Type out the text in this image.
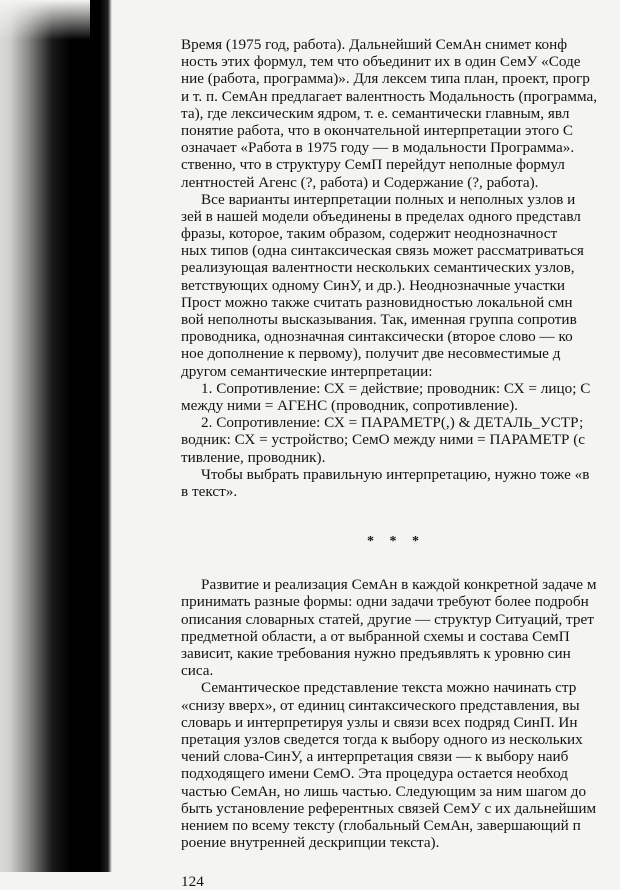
Время (1975 год, работа). Дальнейший СемАн снимет конф
ность этих формул, тем что объединит их в один СемУ «Соде
ние (работа, программа)». Для лексем типа план, проект, прогр
и т. п. СемАн предлагает валентность Модальность (программа,
та), где лексическим ядром, т. е. семантически главным, явл
понятие работа, что в окончательной интерпретации этого С
означает «Работа в 1975 году — в модальности Программа».
ственно, что в структуру СемП перейдут неполные формул
лентностей Агенс (?, работа) и Содержание (?, работа).
Все варианты интерпретации полных и неполных узлов и
зей в нашей модели объединены в пределах одного представл
фразы, которое, таким образом, содержит неоднозначност
ных типов (одна синтаксическая связь может рассматриваться
реализующая валентности нескольких семантических узлов,
ветствующих одному СинУ, и др.). Неоднозначные участки
Прост можно также считать разновидностью локальной смн
вой неполноты высказывания. Так, именная группа сопротив
проводника, однозначная синтаксически (второе слово — ко
ное дополнение к первому), получит две несовместимые д
другом семантические интерпретации:
1. Сопротивление: СХ = действие; проводник: СХ = лицо; С
между ними = АГЕНС (проводник, сопротивление).
2. Сопротивление: СХ = ПАРАМЕТР(,) & ДЕТАЛЬ_УСТР;
водник: СХ = устройство; СемО между ними = ПАРАМЕТР (с
тивление, проводник).
Чтобы выбрать правильную интерпретацию, нужно тоже «в
в текст».
* * *
Развитие и реализация СемАн в каждой конкретной задаче м
принимать разные формы: одни задачи требуют более подробн
описания словарных статей, другие — структур Ситуаций, трет
предметной области, а от выбранной схемы и состава СемП
зависит, какие требования нужно предъявлять к уровню син
сиса.
Семантическое представление текста можно начинать стр
«снизу вверх», от единиц синтаксического представления, вы
словарь и интерпретируя узлы и связи всех подряд СинП. Ин
претация узлов сведется тогда к выбору одного из нескольких
чений слова-СинУ, а интерпретация связи — к выбору наиб
подходящего имени СемО. Эта процедура остается необход
частью СемАн, но лишь частью. Следующим за ним шагом до
быть установление референтных связей СемУ с их дальнейшим
нением по всему тексту (глобальный СемАн, завершающий п
роение внутренней дескрипции текста).
124
